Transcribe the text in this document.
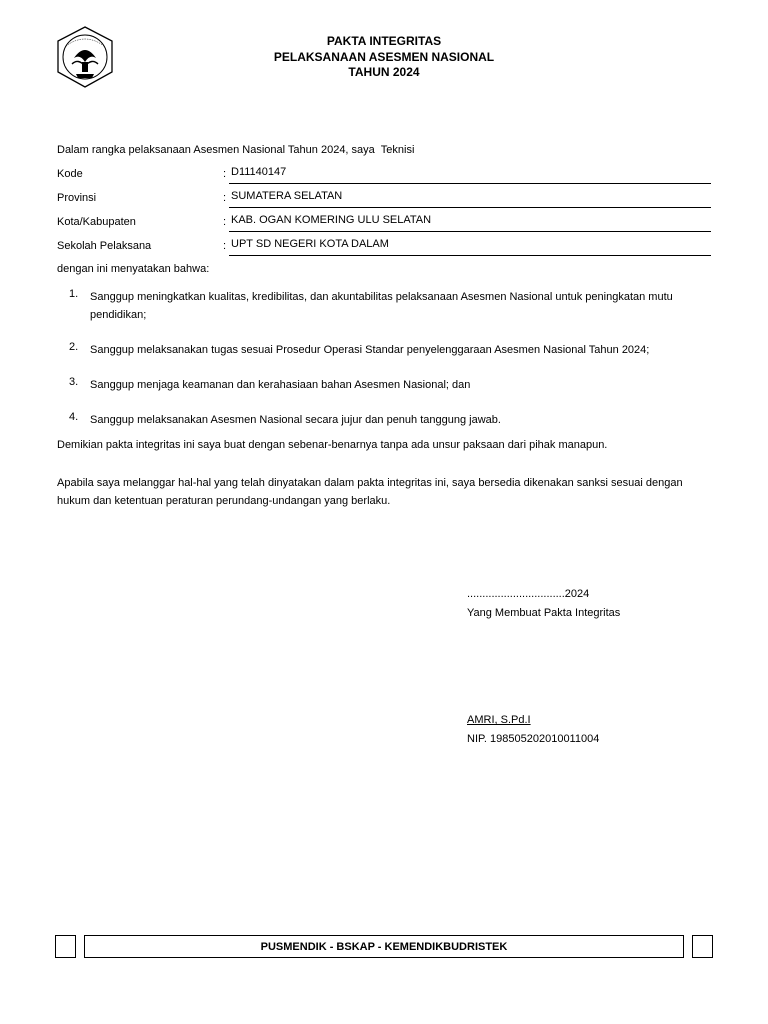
PAKTA INTEGRITAS
PELAKSANAAN ASESMEN NASIONAL
TAHUN 2024
Dalam rangka pelaksanaan Asesmen Nasional Tahun 2024, saya Teknisi
Kode	: D11140147
Provinsi	: SUMATERA SELATAN
Kota/Kabupaten	: KAB. OGAN KOMERING ULU SELATAN
Sekolah Pelaksana	: UPT SD NEGERI KOTA DALAM
dengan ini menyatakan bahwa:
1. Sanggup meningkatkan kualitas, kredibilitas, dan akuntabilitas pelaksanaan Asesmen Nasional untuk peningkatan mutu pendidikan;
2. Sanggup melaksanakan tugas sesuai Prosedur Operasi Standar penyelenggaraan Asesmen Nasional Tahun 2024;
3. Sanggup menjaga keamanan dan kerahasiaan bahan Asesmen Nasional; dan
4. Sanggup melaksanakan Asesmen Nasional secara jujur dan penuh tanggung jawab.
Demikian pakta integritas ini saya buat dengan sebenar-benarnya tanpa ada unsur paksaan dari pihak manapun.
Apabila saya melanggar hal-hal yang telah dinyatakan dalam pakta integritas ini, saya bersedia dikenakan sanksi sesuai dengan hukum dan ketentuan peraturan perundang-undangan yang berlaku.
................................2024
Yang Membuat Pakta Integritas
AMRI, S.Pd.I
NIP. 198505202010011004
PUSMENDIK - BSKAP - KEMENDIKBUDRISTEK
